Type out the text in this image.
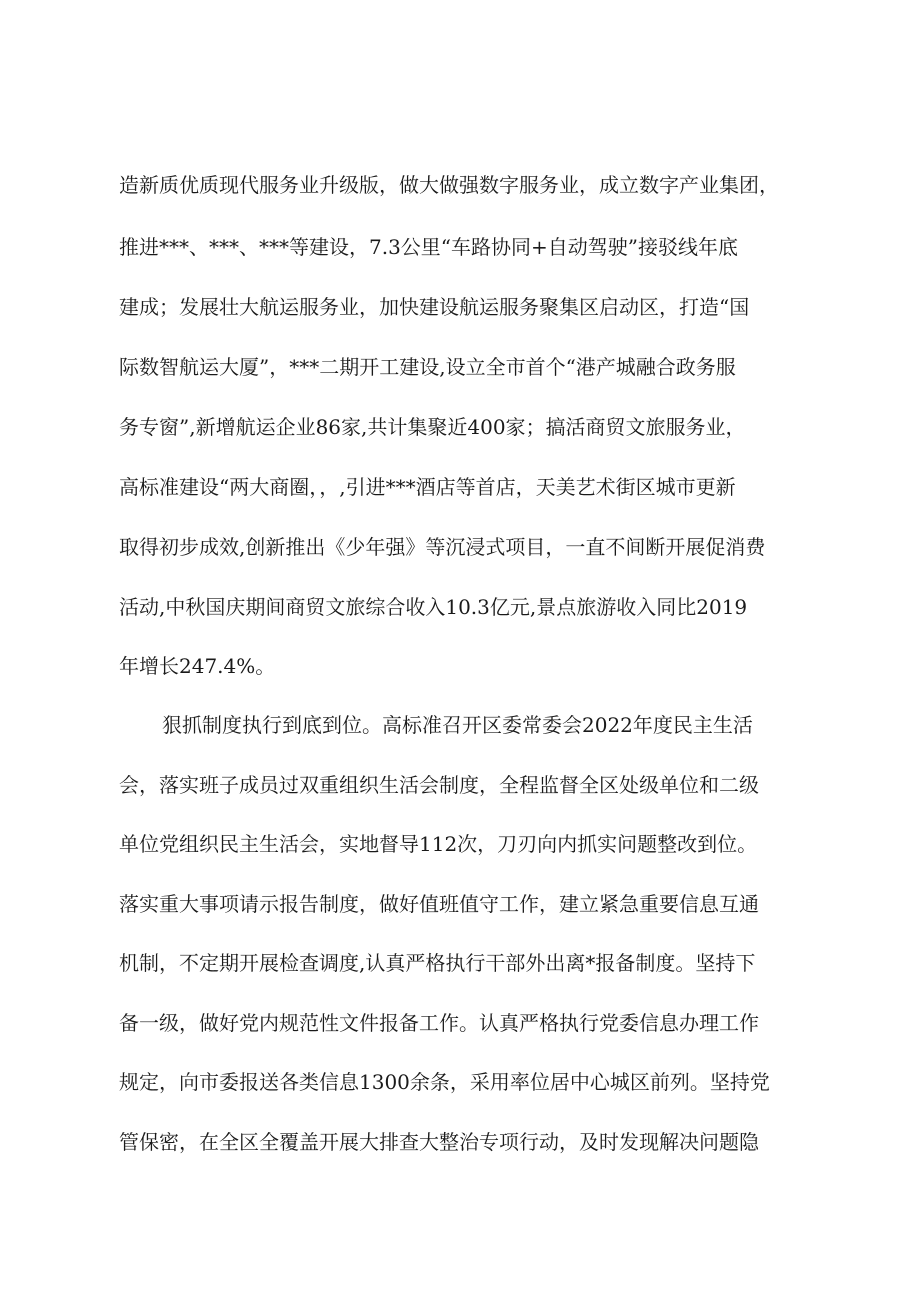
造新质优质现代服务业升级版，做大做强数字服务业，成立数字产业集团，
推进***、***、***等建设，7.3公里“车路协同+自动驾驶”接驳线年底
建成；发展壮大航运服务业，加快建设航运服务聚集区启动区，打造“国
际数智航运大厦”，***二期开工建设,设立全市首个“港产城融合政务服
务专窗”,新增航运企业86家,共计集聚近400家；搞活商贸文旅服务业，
高标准建设“两大商圈，，,引进***酒店等首店，天美艺术街区城市更新
取得初步成效,创新推出《少年强》等沉浸式项目，一直不间断开展促消费
活动,中秋国庆期间商贸文旅综合收入10.3亿元,景点旅游收入同比2019
年增长247.4%。
狠抓制度执行到底到位。高标准召开区委常委会2022年度民主生活
会，落实班子成员过双重组织生活会制度，全程监督全区处级单位和二级
单位党组织民主生活会，实地督导112次，刀刃向内抓实问题整改到位。
落实重大事项请示报告制度，做好值班值守工作，建立紧急重要信息互通
机制，不定期开展检查调度,认真严格执行干部外出离*报备制度。坚持下
备一级，做好党内规范性文件报备工作。认真严格执行党委信息办理工作
规定，向市委报送各类信息1300余条，采用率位居中心城区前列。坚持党
管保密，在全区全覆盖开展大排查大整治专项行动，及时发现解决问题隐
